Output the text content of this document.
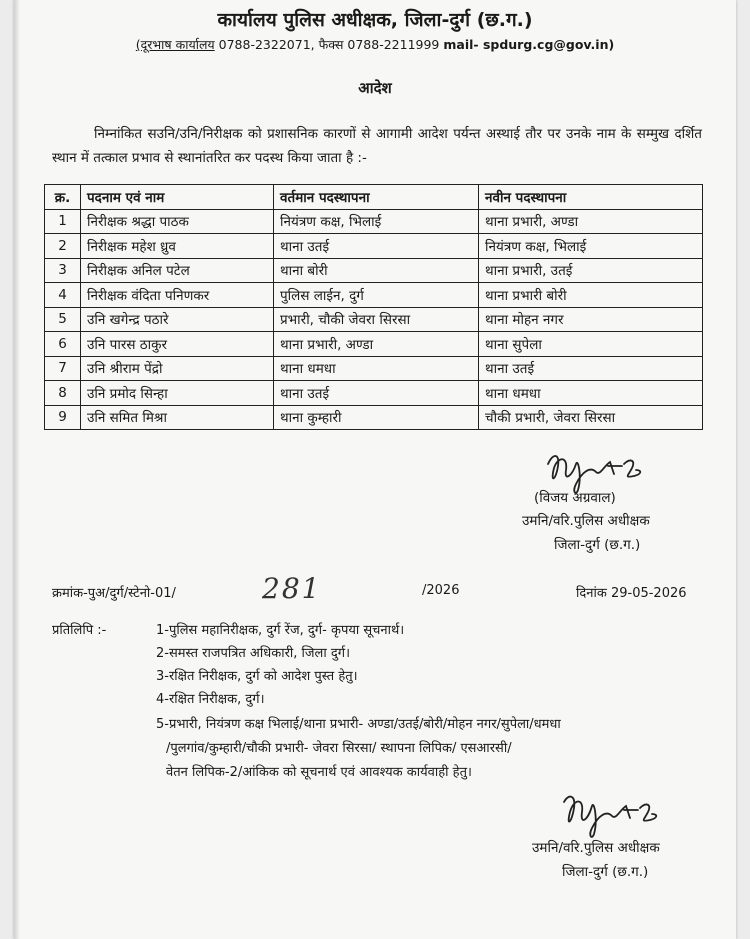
कार्यालय पुलिस अधीक्षक, जिला-दुर्ग (छ.ग.)
(दूरभाष कार्यालय 0788-2322071, फैक्स 0788-2211999 mail- spdurg.cg@gov.in)
आदेश
निम्नांकित सउनि/उनि/निरीक्षक को प्रशासनिक कारणों से आगामी आदेश पर्यन्त अस्थाई तौर पर उनके नाम के सम्मुख दर्शित स्थान में तत्काल प्रभाव से स्थानांतरित कर पदस्थ किया जाता है :-
क्र.	पदनाम एवं नाम	वर्तमान पदस्थापना	नवीन पदस्थापना
1	निरीक्षक श्रद्धा पाठक	नियंत्रण कक्ष, भिलाई	थाना प्रभारी, अण्डा
2	निरीक्षक महेश ध्रुव	थाना उतई	नियंत्रण कक्ष, भिलाई
3	निरीक्षक अनिल पटेल	थाना बोरी	थाना प्रभारी, उतई
4	निरीक्षक वंदिता पनिणकर	पुलिस लाईन, दुर्ग	थाना प्रभारी बोरी
5	उनि खगेन्द्र पठारे	प्रभारी, चौकी जेवरा सिरसा	थाना मोहन नगर
6	उनि पारस ठाकुर	थाना प्रभारी, अण्डा	थाना सुपेला
7	उनि श्रीराम पेंद्रो	थाना धमधा	थाना उतई
8	उनि प्रमोद सिन्हा	थाना उतई	थाना धमधा
9	उनि समित मिश्रा	थाना कुम्हारी	चौकी प्रभारी, जेवरा सिरसा
(विजय अग्रवाल)
उमनि/वरि.पुलिस अधीक्षक
जिला-दुर्ग (छ.ग.)
क्रमांक-पुअ/दुर्ग/स्टेनो-01/	281	/2026	दिनांक 29-05-2026
प्रतिलिपि :-	1-पुलिस महानिरीक्षक, दुर्ग रेंज, दुर्ग- कृपया सूचनार्थ।
2-समस्त राजपत्रित अधिकारी, जिला दुर्ग।
3-रक्षित निरीक्षक, दुर्ग को आदेश पुस्त हेतु।
4-रक्षित निरीक्षक, दुर्ग।
5-प्रभारी, नियंत्रण कक्ष भिलाई/थाना प्रभारी- अण्डा/उतई/बोरी/मोहन नगर/सुपेला/धमधा
/पुलगांव/कुम्हारी/चौकी प्रभारी- जेवरा सिरसा/ स्थापना लिपिक/ एसआरसी/
वेतन लिपिक-2/आंकिक को सूचनार्थ एवं आवश्यक कार्यवाही हेतु।
उमनि/वरि.पुलिस अधीक्षक
जिला-दुर्ग (छ.ग.)
